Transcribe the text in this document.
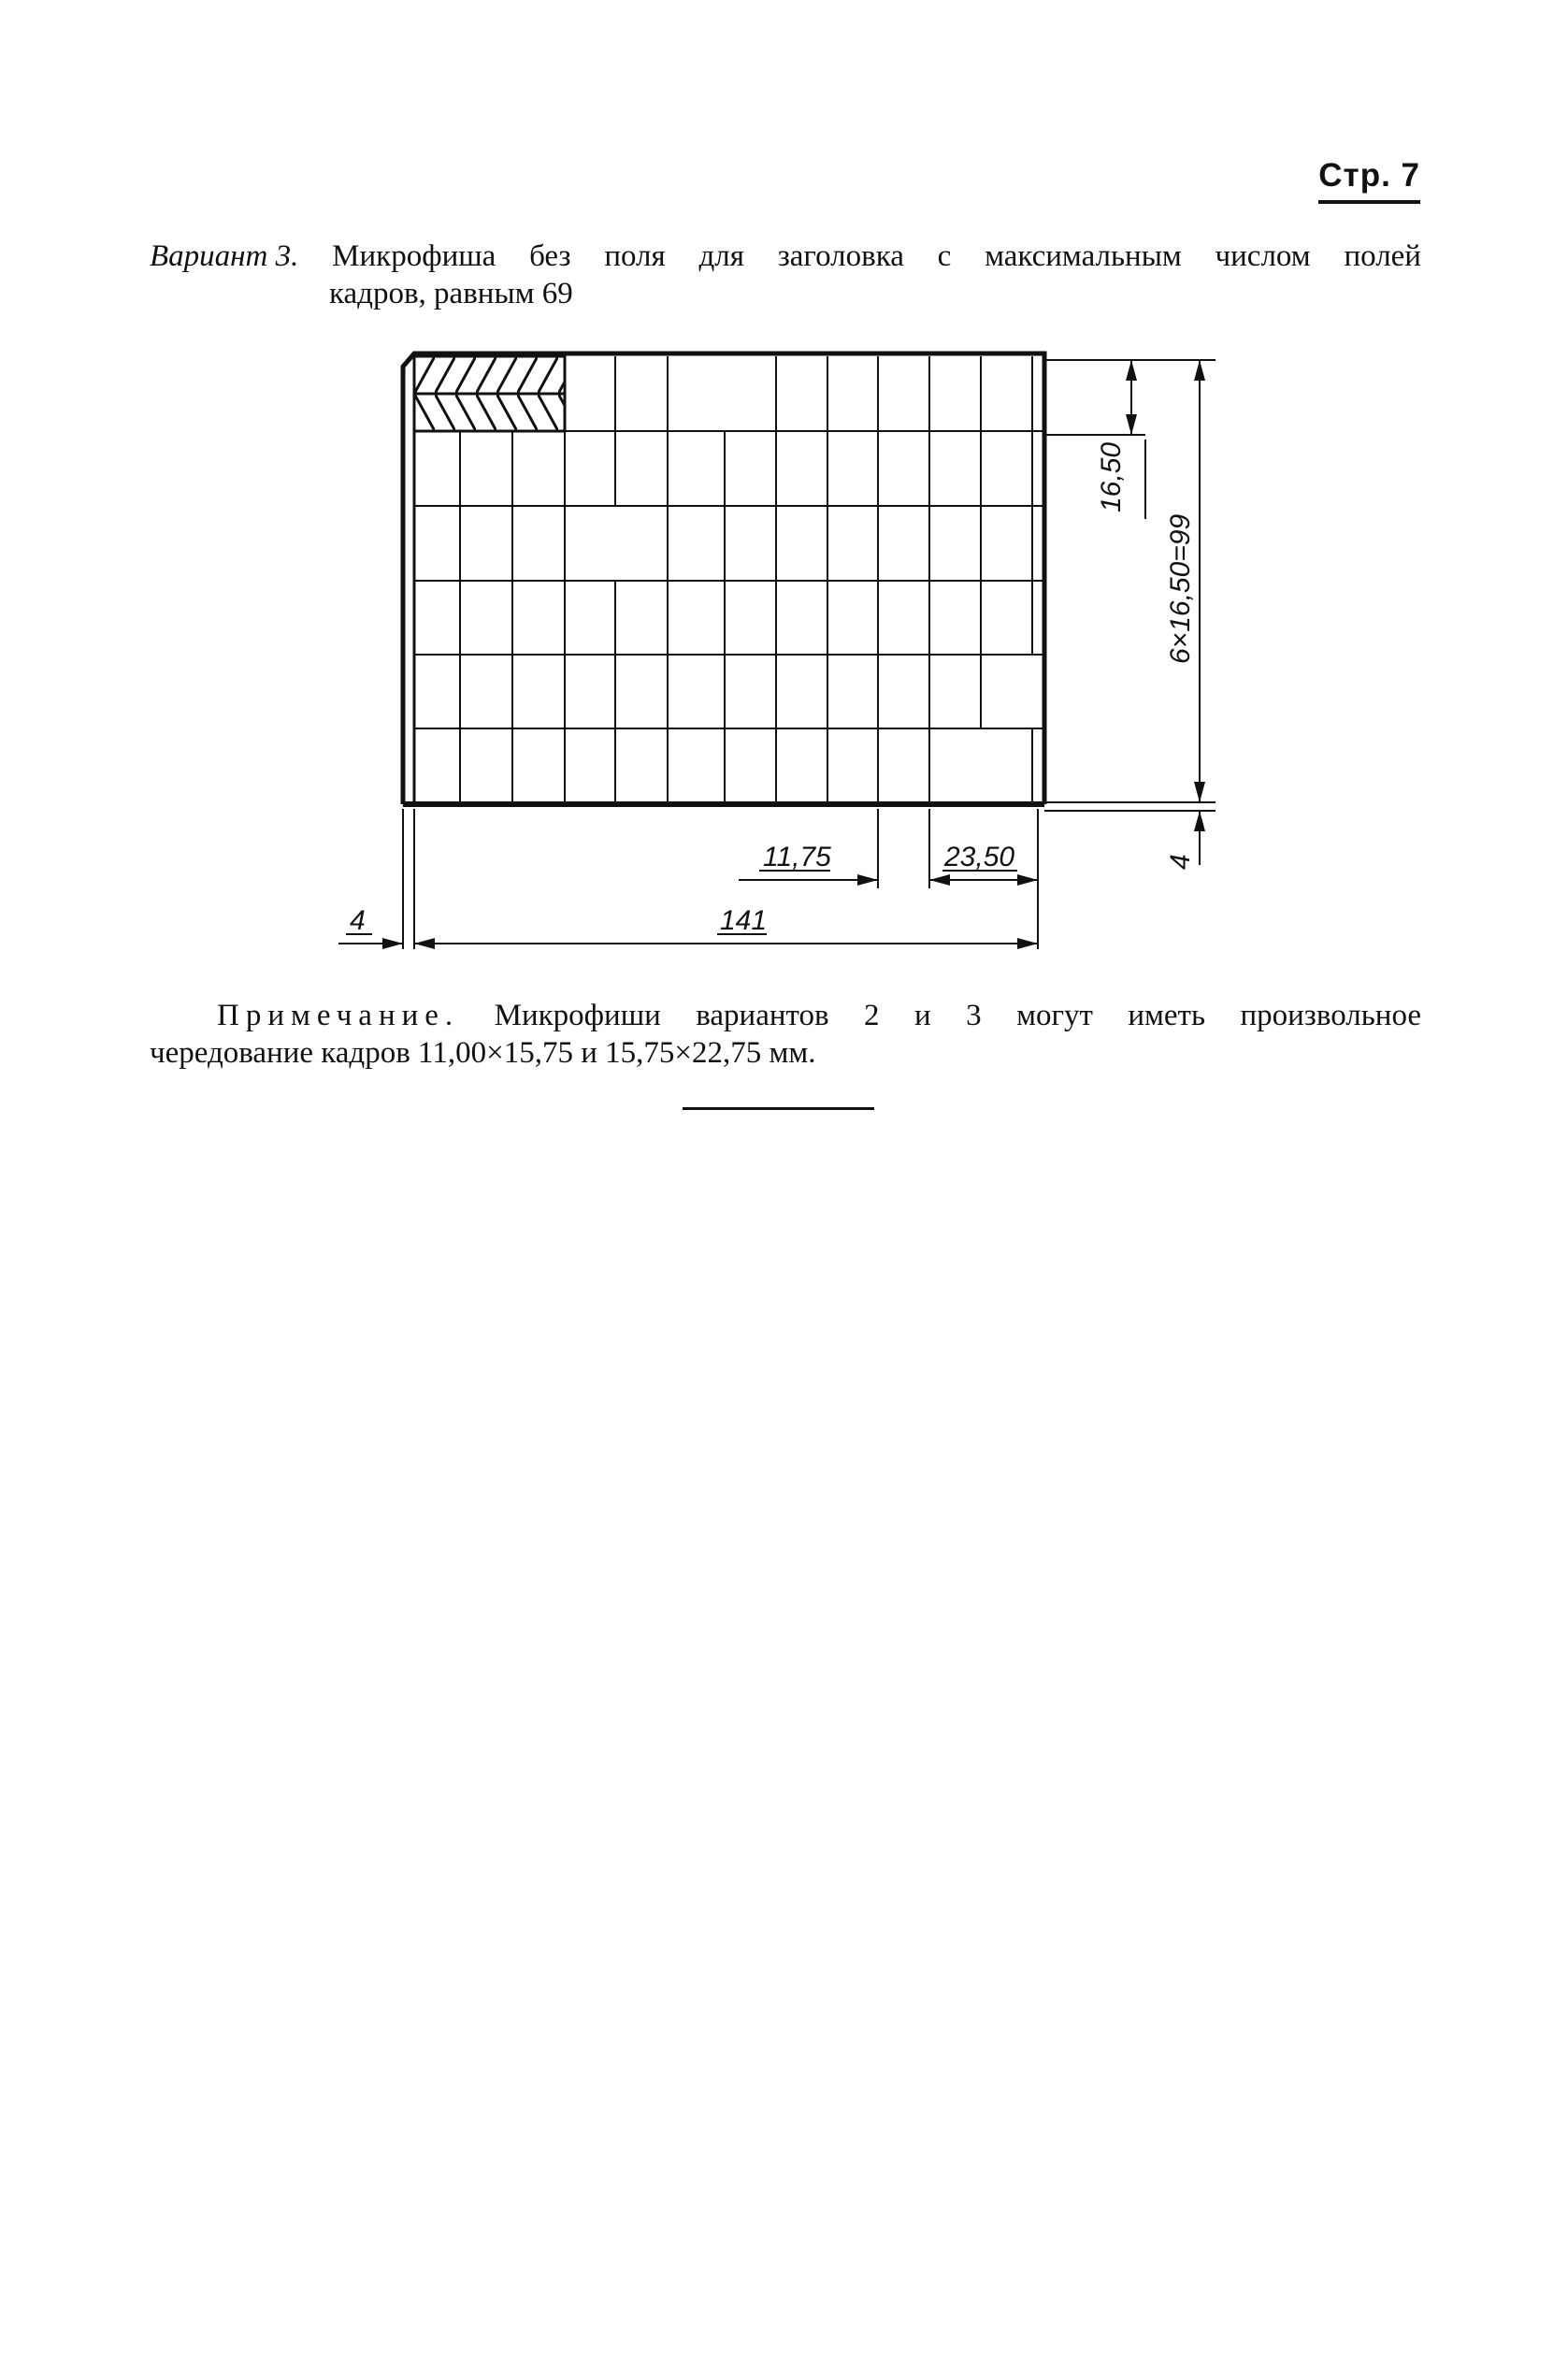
Стр. 7
Вариант 3. Микрофиша без поля для заголовка с максимальным числом полей
кадров, равным 69
16,50
6×16,50=99
4
11,75	23,50
4	141
Примечание. Микрофиши вариантов 2 и 3 могут иметь произвольное
чередование кадров 11,00×15,75 и 15,75×22,75 мм.
